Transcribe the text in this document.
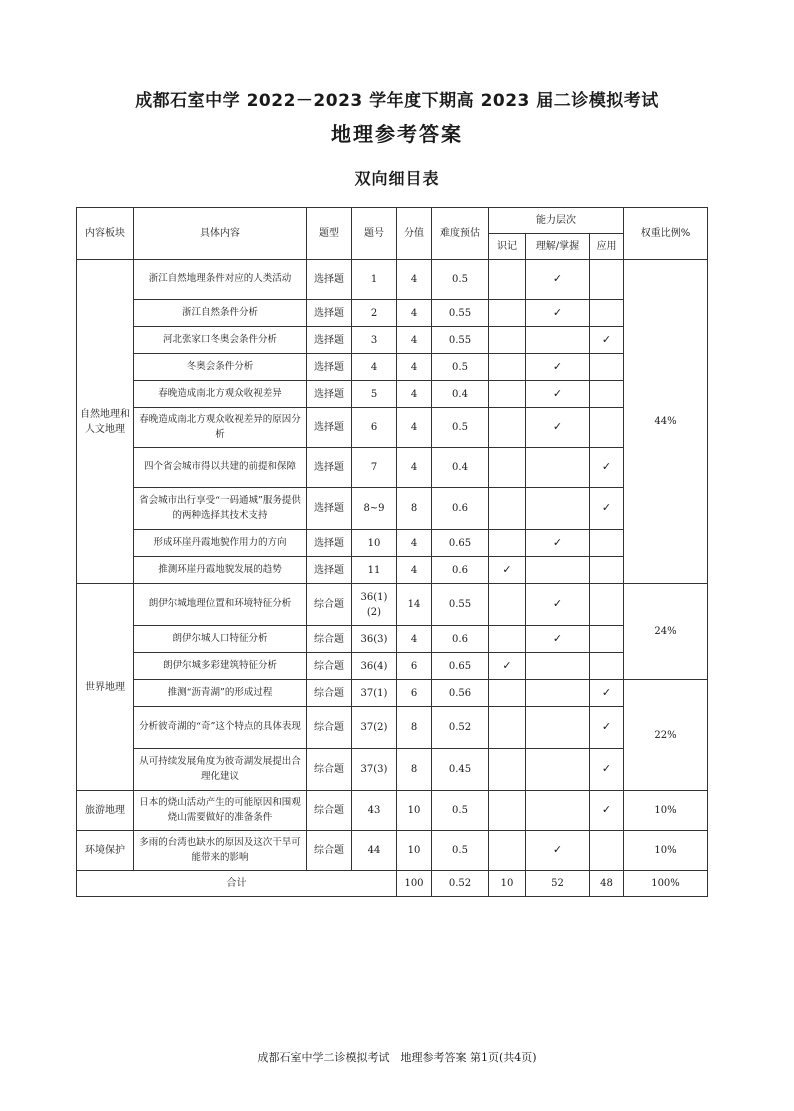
成都石室中学 2022－2023 学年度下期高 2023 届二诊模拟考试
地理参考答案
双向细目表
内容板块	具体内容	题型	题号	分值	难度预估	能力层次			权重比例%
						识记	理解/掌握	应用	
自然地理和人文地理	浙江自然地理条件对应的人类活动	选择题	1	4	0.5		✓		44%
	浙江自然条件分析	选择题	2	4	0.55		✓		
	河北张家口冬奥会条件分析	选择题	3	4	0.55			✓	
	冬奥会条件分析	选择题	4	4	0.5		✓		
	春晚造成南北方观众收视差异	选择题	5	4	0.4		✓		
	春晚造成南北方观众收视差异的原因分析	选择题	6	4	0.5		✓		
	四个省会城市得以共建的前提和保障	选择题	7	4	0.4			✓	
	省会城市出行享受“一码通城”服务提供的两种选择其技术支持	选择题	8~9	8	0.6			✓	
	形成环崖丹霞地貌作用力的方向	选择题	10	4	0.65		✓		
	推测环崖丹霞地貌发展的趋势	选择题	11	4	0.6	✓			
世界地理	朗伊尔城地理位置和环境特征分析	综合题	36(1)(2)	14	0.55		✓		24%
	朗伊尔城人口特征分析	综合题	36(3)	4	0.6		✓		
	朗伊尔城多彩建筑特征分析	综合题	36(4)	6	0.65	✓			
	推测“沥青湖”的形成过程	综合题	37(1)	6	0.56			✓	22%
	分析彼奇湖的“奇”这个特点的具体表现	综合题	37(2)	8	0.52			✓	
	从可持续发展角度为彼奇湖发展提出合理化建议	综合题	37(3)	8	0.45			✓	
旅游地理	日本的烧山活动产生的可能原因和围观烧山需要做好的准备条件	综合题	43	10	0.5			✓	10%
环境保护	多雨的台湾也缺水的原因及这次干旱可能带来的影响	综合题	44	10	0.5		✓		10%
合计				100	0.52	10	52	48	100%
成都石室中学二诊模拟考试　地理参考答案 第1页(共4页)
